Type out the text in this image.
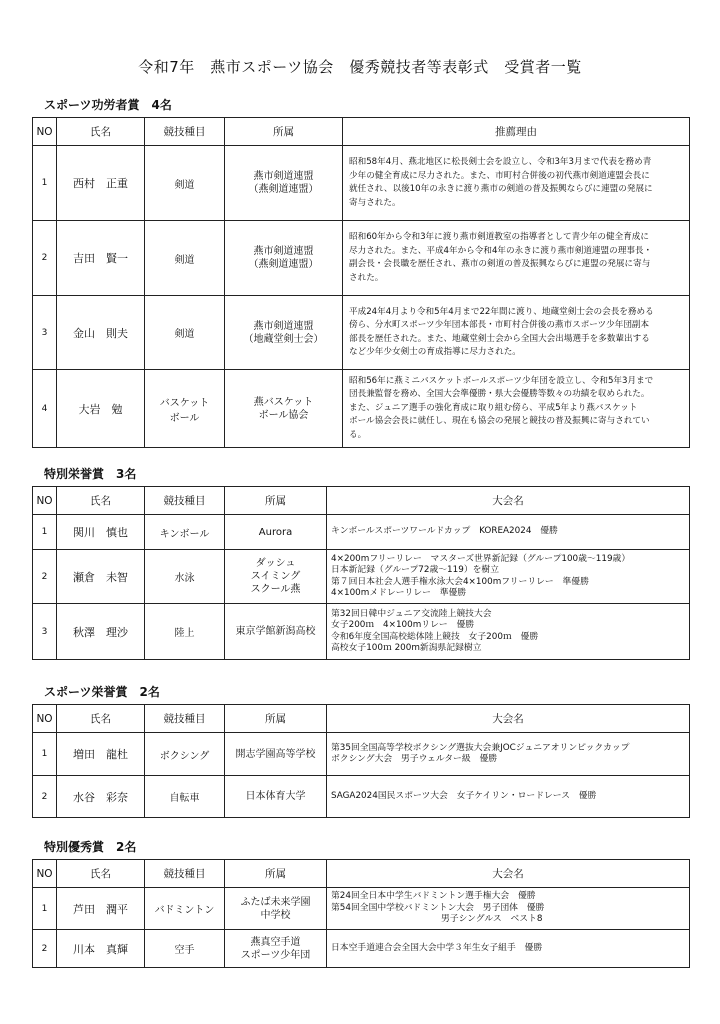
令和7年　燕市スポーツ協会　優秀競技者等表彰式　受賞者一覧
スポーツ功労者賞　4名
NO	氏名	競技種目	所属	推薦理由
1	西村　正重	剣道	燕市剣道連盟
（燕剣道連盟）	昭和58年4月、燕北地区に松長剣士会を設立し、令和3年3月まで代表を務め青
少年の健全育成に尽力された。また、市町村合併後の初代燕市剣道連盟会長に
就任され、以後10年の永きに渡り燕市の剣道の普及振興ならびに連盟の発展に
寄与された。

2	吉田　賢一	剣道	燕市剣道連盟
（燕剣道連盟）	昭和60年から令和3年に渡り燕市剣道教室の指導者として青少年の健全育成に
尽力された。また、平成4年から令和4年の永きに渡り燕市剣道連盟の理事長・
副会長・会長職を歴任され、燕市の剣道の普及振興ならびに連盟の発展に寄与
された。

3	金山　則夫	剣道	燕市剣道連盟
（地蔵堂剣士会）	平成24年4月より令和5年4月まで22年間に渡り、地蔵堂剣士会の会長を務める
傍ら、分水町スポーツ少年団本部長・市町村合併後の燕市スポーツ少年団副本
部長を歴任された。また、地蔵堂剣士会から全国大会出場選手を多数輩出する
など少年少女剣士の育成指導に尽力された。

4	大岩　勉	バスケット
ボール	燕バスケット
ボール協会	昭和56年に燕ミニバスケットボールスポーツ少年団を設立し、令和5年3月まで
団長兼監督を務め、全国大会準優勝・県大会優勝等数々の功績を収められた。
また、ジュニア選手の強化育成に取り組む傍ら、平成5年より燕バスケット
ボール協会会長に就任し、現在も協会の発展と競技の普及振興に寄与されてい
る。
特別栄誉賞　3名
NO	氏名	競技種目	所属	大会名
1	関川　慎也	キンボール	Aurora	キンボールスポーツワールドカップ　KOREA2024　優勝

2	瀬倉　未智	水泳	ダッシュ
スイミング
スクール燕	4×200mフリーリレー　マスターズ世界新記録（グループ100歳～119歳）
日本新記録（グループ72歳～119）を樹立
第７回日本社会人選手権水泳大会4×100mフリーリレー　準優勝
4×100mメドレーリレー　準優勝

3	秋澤　理沙	陸上	東京学館新潟高校	第32回日韓中ジュニア交流陸上競技大会
女子200ｍ　4×100mリレー　優勝
令和6年度全国高校総体陸上競技　女子200ｍ　優勝
高校女子100ｍ 200m新潟県記録樹立
スポーツ栄誉賞　2名
NO	氏名	競技種目	所属	大会名
1	増田　龍杜	ボクシング	開志学園高等学校	第35回全国高等学校ボクシング選抜大会兼JOCジュニアオリンピックカップ
ボクシング大会　男子ウェルター級　優勝

2	水谷　彩奈	自転車	日本体育大学	SAGA2024国民スポーツ大会　女子ケイリン・ロードレース　優勝
特別優秀賞　2名
NO	氏名	競技種目	所属	大会名
1	芦田　潤平	バドミントン	ふたば未来学園
中学校	第24回全日本中学生バドミントン選手権大会　優勝
第54回全国中学校バドミントン大会　男子団体　優勝
男子シングルス　ベスト8

2	川本　真輝	空手	燕真空手道
スポーツ少年団	日本空手道連合会全国大会中学３年生女子組手　優勝
